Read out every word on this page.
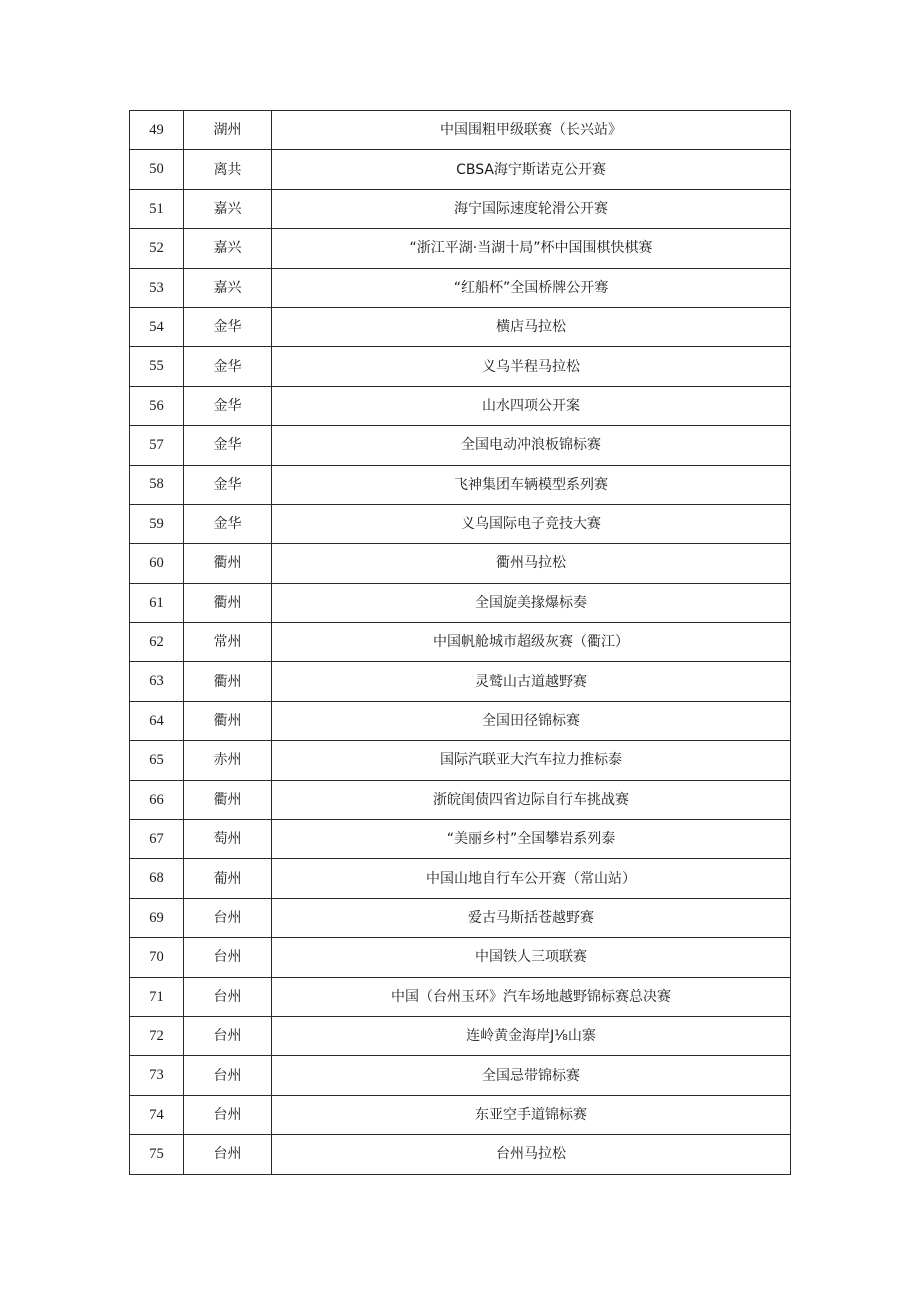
49	湖州	中国围粗甲级联赛（长兴站》
50	离共	CBSA海宁斯诺克公开赛
51	嘉兴	海宁国际速度轮滑公开赛
52	嘉兴	“浙江平湖·当湖十局”杯中国围棋快棋赛
53	嘉兴	“红船杯”全国桥牌公开骞
54	金华	横店马拉松
55	金华	义乌半程马拉松
56	金华	山水四项公开案
57	金华	全国电动冲浪板锦标赛
58	金华	飞神集团车辆模型系列赛
59	金华	义乌国际电子竞技大赛
60	衢州	衢州马拉松
61	衢州	全国旋美掾爆标奏
62	常州	中国帆舱城市超级灰赛（衢江）
63	衢州	灵鹫山古道越野赛
64	衢州	全国田径锦标赛
65	赤州	国际汽联亚大汽车拉力推标泰
66	衢州	浙皖闺债四省边际自行车挑战赛
67	萄州	“美丽乡村”全国攀岩系列泰
68	葡州	中国山地自行车公开赛（常山站）
69	台州	爱古马斯括苍越野赛
70	台州	中国铁人三项联赛
71	台州	中国（台州玉环》汽车场地越野锦标赛总决赛
72	台州	连岭黄金海岸J⅛山寨
73	台州	全国忌带锦标赛
74	台州	东亚空手道锦标赛
75	台州	台州马拉松
